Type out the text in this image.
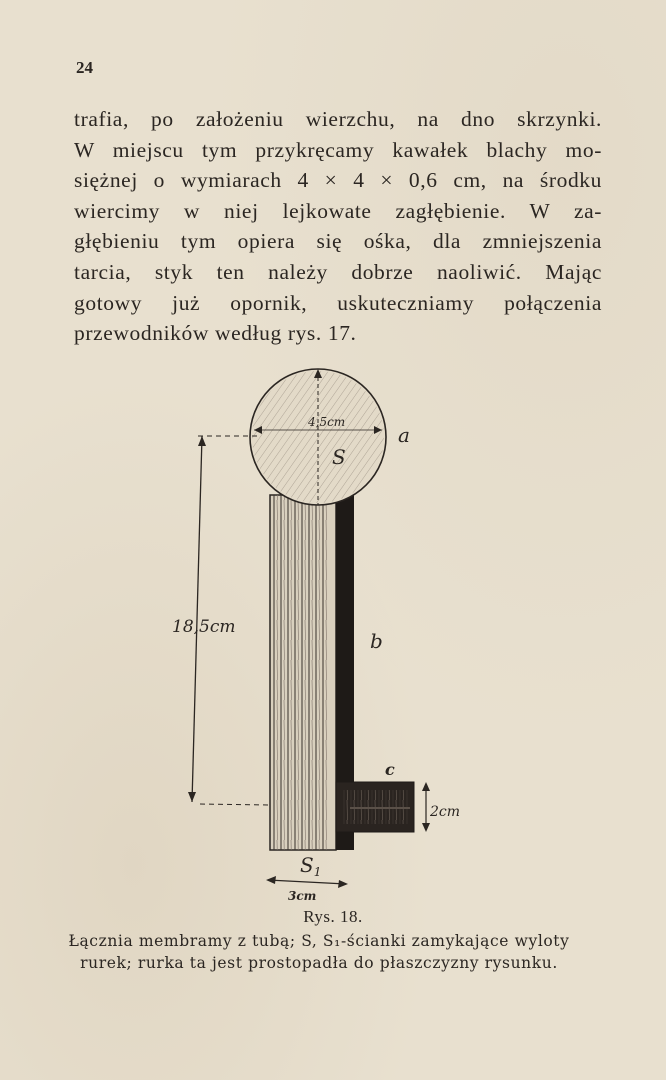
24
trafia, po założeniu wierzchu, na dno skrzynki.
W miejscu tym przykręcamy kawałek blachy mo-
siężnej o wymiarach 4 × 4 × 0,6 cm, na środku
wiercimy w niej lejkowate zagłębienie. W za-
głębieniu tym opiera się ośka, dla zmniejszenia
tarcia, styk ten należy dobrze naoliwić. Mając
gotowy już opornik, uskuteczniamy połączenia
przewodników według rys. 17.
4,5cm
S
a
b
c
18,5cm
2cm
$S_1$
3cm
Rys. 18.
Łącznia membramy z tubą; S, S₁-ścianki zamykające wyloty rurek; rurka ta jest prostopadła do płaszczyzny rysunku.
